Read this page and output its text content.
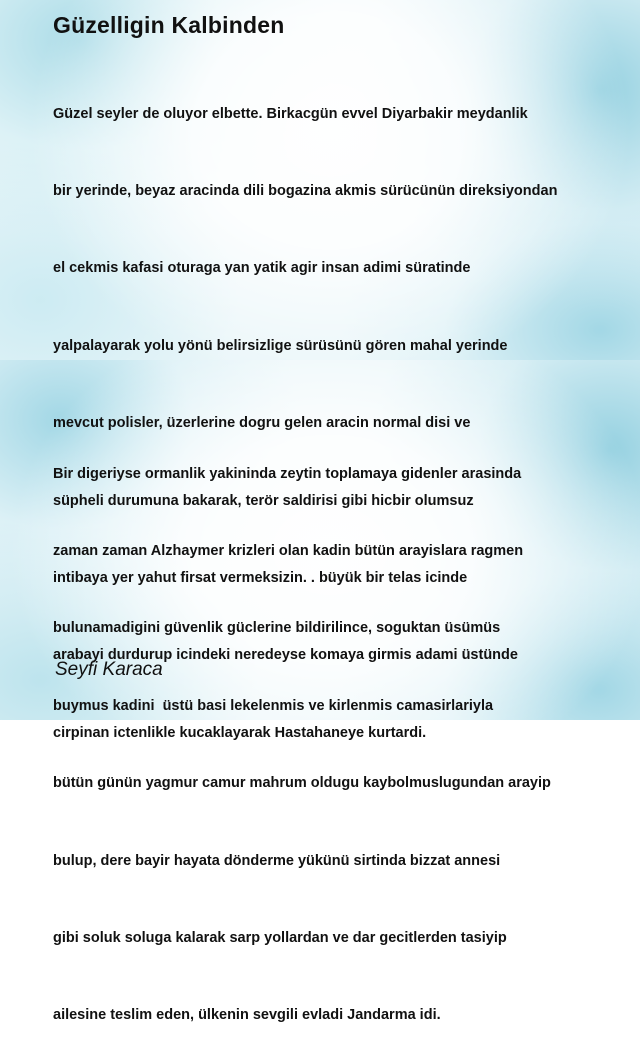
Güzelligin Kalbinden

Güzel seyler de oluyor elbette. Birkacgün evvel Diyarbakir meydanlik

bir yerinde, beyaz aracinda dili bogazina akmis sürücünün direksiyondan

el cekmis kafasi oturaga yan yatik agir insan adimi süratinde

yalpalayarak yolu yönü belirsizlige sürüsünü gören mahal yerinde

mevcut polisler, üzerlerine dogru gelen aracin normal disi ve

süpheli durumuna bakarak, terör saldirisi gibi hicbir olumsuz

intibaya yer yahut firsat vermeksizin. . büyük bir telas icinde

arabayi durdurup icindeki neredeyse komaya girmis adami üstünde

cirpinan ictenlikle kucaklayarak Hastahaneye kurtardi.

Bir digeriyse ormanlik yakininda zeytin toplamaya gidenler arasinda

zaman zaman Alzhaymer krizleri olan kadin bütün arayislara ragmen

bulunamadigini güvenlik güclerine bildirilince, soguktan üsümüs

buymus kadini  üstü basi lekelenmis ve kirlenmis camasirlariyla

bütün günün yagmur camur mahrum oldugu kaybolmuslugundan arayip

bulup, dere bayir hayata dönderme yükünü sirtinda bizzat annesi

gibi soluk soluga kalarak sarp yollardan ve dar gecitlerden tasiyip

ailesine teslim eden, ülkenin sevgili evladi Jandarma idi.

Seyfi Karaca
